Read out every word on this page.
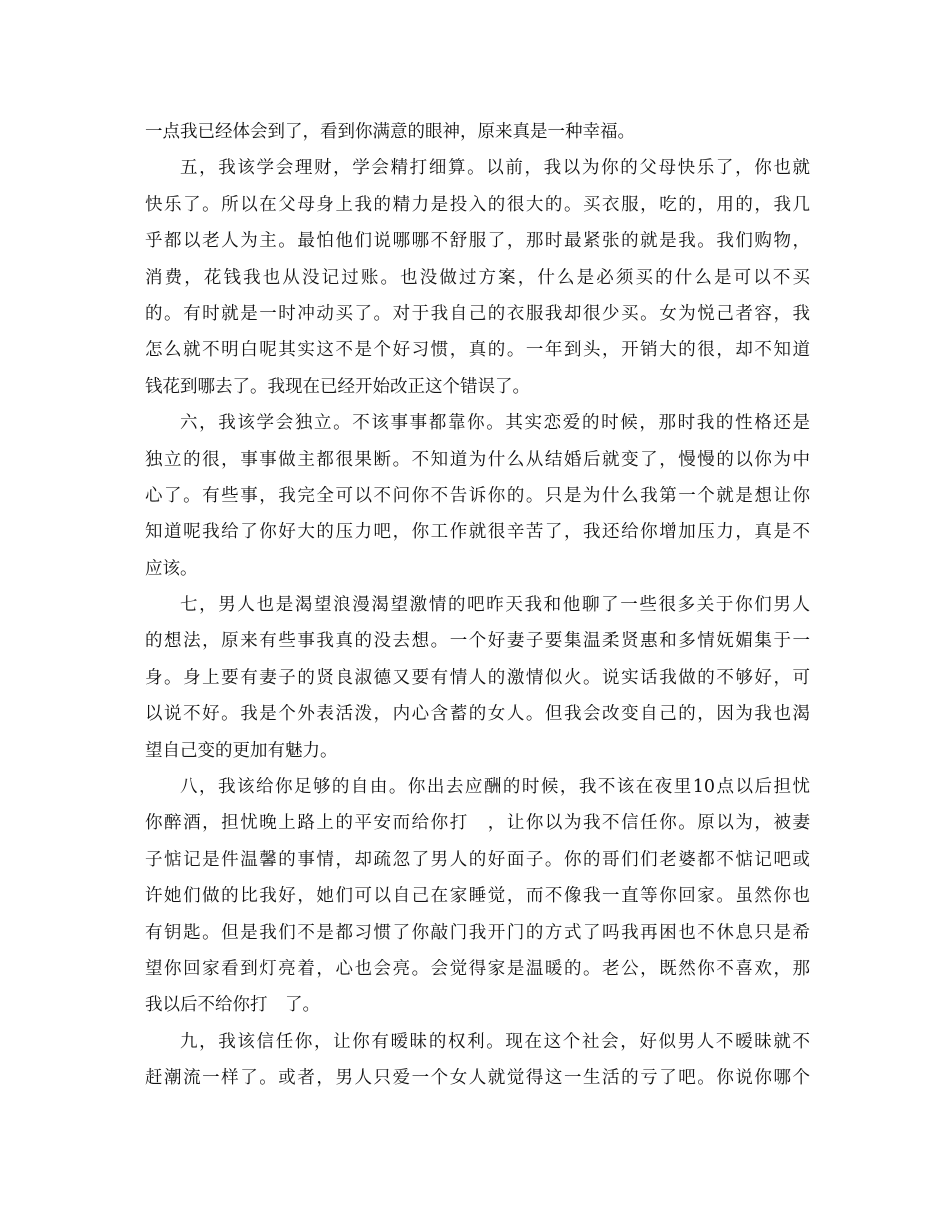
一点我已经体会到了，看到你满意的眼神，原来真是一种幸福。
五，我该学会理财，学会精打细算。以前，我以为你的父母快乐了，你也就
快乐了。所以在父母身上我的精力是投入的很大的。买衣服，吃的，用的，我几
乎都以老人为主。最怕他们说哪哪不舒服了，那时最紧张的就是我。我们购物，
消费，花钱我也从没记过账。也没做过方案，什么是必须买的什么是可以不买
的。有时就是一时冲动买了。对于我自己的衣服我却很少买。女为悦己者容，我
怎么就不明白呢其实这不是个好习惯，真的。一年到头，开销大的很，却不知道
钱花到哪去了。我现在已经开始改正这个错误了。
六，我该学会独立。不该事事都靠你。其实恋爱的时候，那时我的性格还是
独立的很，事事做主都很果断。不知道为什么从结婚后就变了，慢慢的以你为中
心了。有些事，我完全可以不问你不告诉你的。只是为什么我第一个就是想让你
知道呢我给了你好大的压力吧，你工作就很辛苦了，我还给你增加压力，真是不
应该。
七，男人也是渴望浪漫渴望激情的吧昨天我和他聊了一些很多关于你们男人
的想法，原来有些事我真的没去想。一个好妻子要集温柔贤惠和多情妩媚集于一
身。身上要有妻子的贤良淑德又要有情人的激情似火。说实话我做的不够好，可
以说不好。我是个外表活泼，内心含蓄的女人。但我会改变自己的，因为我也渴
望自己变的更加有魅力。
八，我该给你足够的自由。你出去应酬的时候，我不该在夜里10点以后担忧
你醉酒，担忧晚上路上的平安而给你打　，让你以为我不信任你。原以为，被妻
子惦记是件温馨的事情，却疏忽了男人的好面子。你的哥们们老婆都不惦记吧或
许她们做的比我好，她们可以自己在家睡觉，而不像我一直等你回家。虽然你也
有钥匙。但是我们不是都习惯了你敲门我开门的方式了吗我再困也不休息只是希
望你回家看到灯亮着，心也会亮。会觉得家是温暖的。老公，既然你不喜欢，那
我以后不给你打　了。
九，我该信任你，让你有暧昧的权利。现在这个社会，好似男人不暧昧就不
赶潮流一样了。或者，男人只爱一个女人就觉得这一生活的亏了吧。你说你哪个
